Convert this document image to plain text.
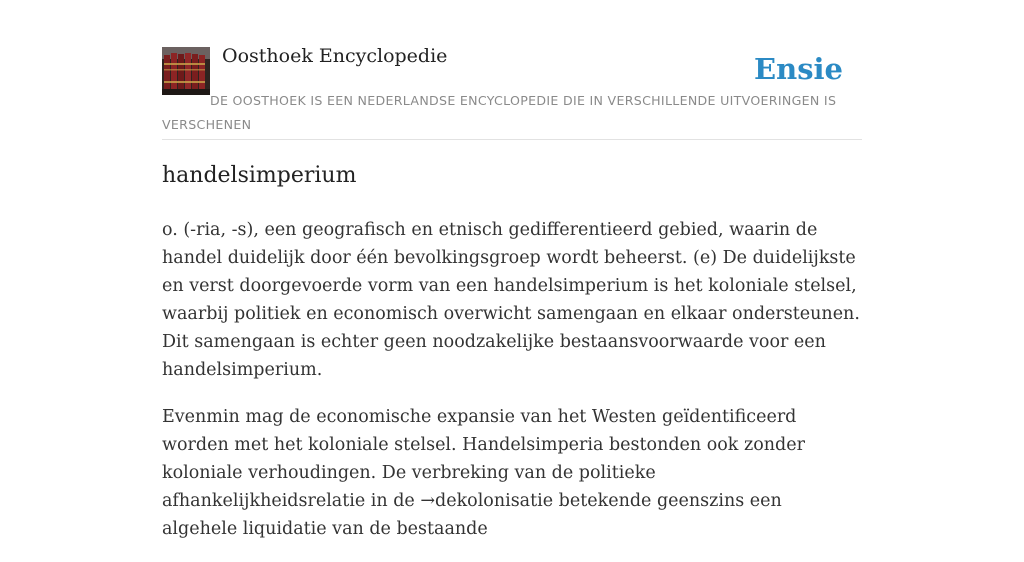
Oosthoek Encyclopedie	Ensie
DE OOSTHOEK IS EEN NEDERLANDSE ENCYCLOPEDIE DIE IN VERSCHILLENDE UITVOERINGEN IS VERSCHENEN
handelsimperium

o. (-ria, -s), een geografisch en etnisch gedifferentieerd gebied, waarin de handel duidelijk door één bevolkingsgroep wordt beheerst. (e) De duidelijkste en verst doorgevoerde vorm van een handelsimperium is het koloniale stelsel, waarbij politiek en economisch overwicht samengaan en elkaar ondersteunen. Dit samengaan is echter geen noodzakelijke bestaansvoorwaarde voor een handelsimperium.

Evenmin mag de economische expansie van het Westen geïdentificeerd worden met het koloniale stelsel. Handelsimperia bestonden ook zonder koloniale verhoudingen. De verbreking van de politieke afhankelijkheidsrelatie in de →dekolonisatie betekende geenszins een algehele liquidatie van de bestaande
